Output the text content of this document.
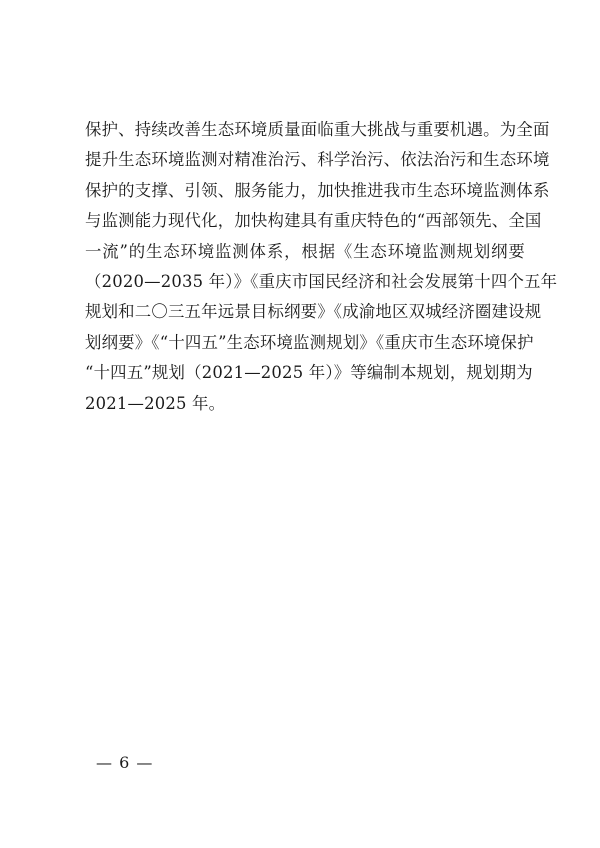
保护、持续改善生态环境质量面临重大挑战与重要机遇。为全面
提升生态环境监测对精准治污、科学治污、依法治污和生态环境
保护的支撑、引领、服务能力，加快推进我市生态环境监测体系
与监测能力现代化，加快构建具有重庆特色的“西部领先、全国
一流”的生态环境监测体系，根据《生态环境监测规划纲要
（2020—2035 年）》《重庆市国民经济和社会发展第十四个五年
规划和二〇三五年远景目标纲要》《成渝地区双城经济圈建设规
划纲要》《“十四五”生态环境监测规划》《重庆市生态环境保护
“十四五”规划（2021—2025 年）》等编制本规划，规划期为
2021—2025 年。
— 6 —
